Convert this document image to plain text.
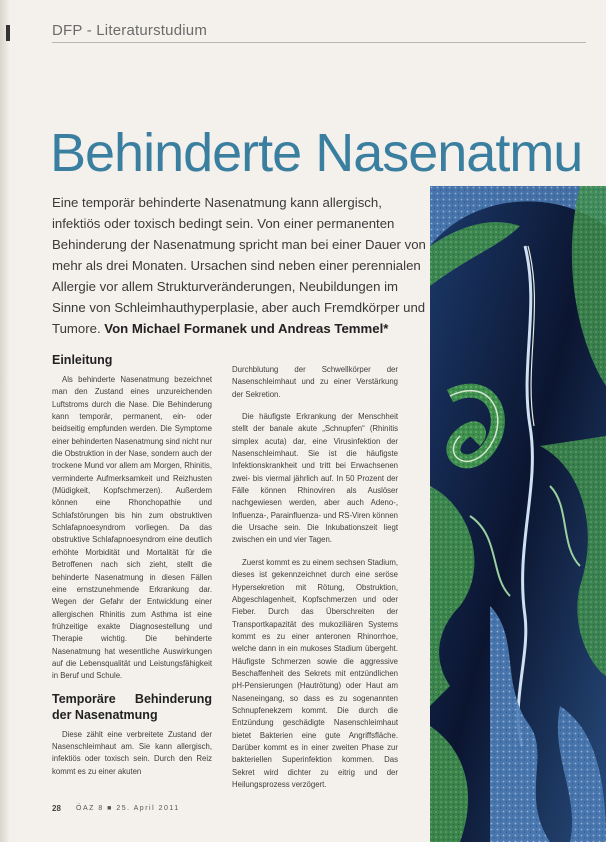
DFP - Literaturstudium
Behinderte Nasenatmu
Eine temporär behinderte Nasenatmung kann allergisch, infektiös oder toxisch bedingt sein. Von einer permanenten Behinderung der Nasenatmung spricht man bei einer Dauer von mehr als drei Monaten. Ursachen sind neben einer perennialen Allergie vor allem Strukturveränderungen, Neubildungen im Sinne von Schleimhauthyperplasie, aber auch Fremdkörper und Tumore. Von Michael Formanek und Andreas Temmel*
Einleitung

Als behinderte Nasenatmung bezeichnet man den Zustand eines unzureichenden Luftstroms durch die Nase. Die Behinderung kann temporär, permanent, ein- oder beidseitig empfunden werden. Die Symptome einer behinderten Nasenatmung sind nicht nur die Obstruktion in der Nase, sondern auch der trockene Mund vor allem am Morgen, Rhinitis, verminderte Aufmerksamkeit und Reizhusten (Müdigkeit, Kopfschmerzen). Außerdem können eine Rhonchopathie und Schlafstörungen bis hin zum obstruktiven Schlafapnoesyndrom vorliegen. Da das obstruktive Schlafapnoesyndrom eine deutlich erhöhte Morbidität und Mortalität für die Betroffenen nach sich zieht, stellt die behinderte Nasenatmung in diesen Fällen eine ernstzunehmende Erkrankung dar. Wegen der Gefahr der Entwicklung einer allergischen Rhinitis zum Asthma ist eine frühzeitige exakte Diagnosestellung und Therapie wichtig. Die behinderte Nasenatmung hat wesentliche Auswirkungen auf die Lebensqualität und Leistungsfähigkeit in Beruf und Schule.

Temporäre Behinderung der Nasenatmung

Diese zählt eine verbreitete Zustand der Nasenschleimhaut am. Sie kann allergisch, infektiös oder toxisch sein. Durch den Reiz kommt es zu einer akuten

Durchblutung der Schwellkörper der Nasenschleimhaut und zu einer Verstärkung der Sekretion.

Die häufigste Erkrankung der Menschheit stellt der banale akute „Schnupfen“ (Rhinitis simplex acuta) dar, eine Virusinfektion der Nasenschleimhaut. Sie ist die häufigste Infektionskrankheit und tritt bei Erwachsenen zwei- bis viermal jährlich auf. In 50 Prozent der Fälle können Rhinoviren als Auslöser nachgewiesen werden, aber auch Adeno-, Influenza-, Parainfluenza- und RS-Viren können die Ursache sein. Die Inkubationszeit liegt zwischen ein und vier Tagen.

Zuerst kommt es zu einem sechsen Stadium, dieses ist gekennzeichnet durch eine seröse Hypersekretion mit Rötung, Obstruktion, Abgeschlagenheit, Kopfschmerzen und oder Fieber. Durch das Überschreiten der Transportkapazität des mukoziliären Systems kommt es zu einer anteronen Rhinorrhoe, welche dann in ein mukoses Stadium übergeht. Häufigste Schmerzen sowie die aggressive Beschaffenheit des Sekrets mit entzündlichen pH-Pensierungen (Hautrötung) oder Haut am Naseneingang, so dass es zu sogenannten Schnupfenekzem kommt. Die durch die Entzündung geschädigte Nasenschleimhaut bietet Bakterien eine gute Angriffsfläche. Darüber kommt es in einer zweiten Phase zur bakteriellen Superinfektion kommen. Das Sekret wird dichter zu eitrig und der Heilungsprozess verzögert.

28 ÖAZ 8 ■ 25. April 2011
